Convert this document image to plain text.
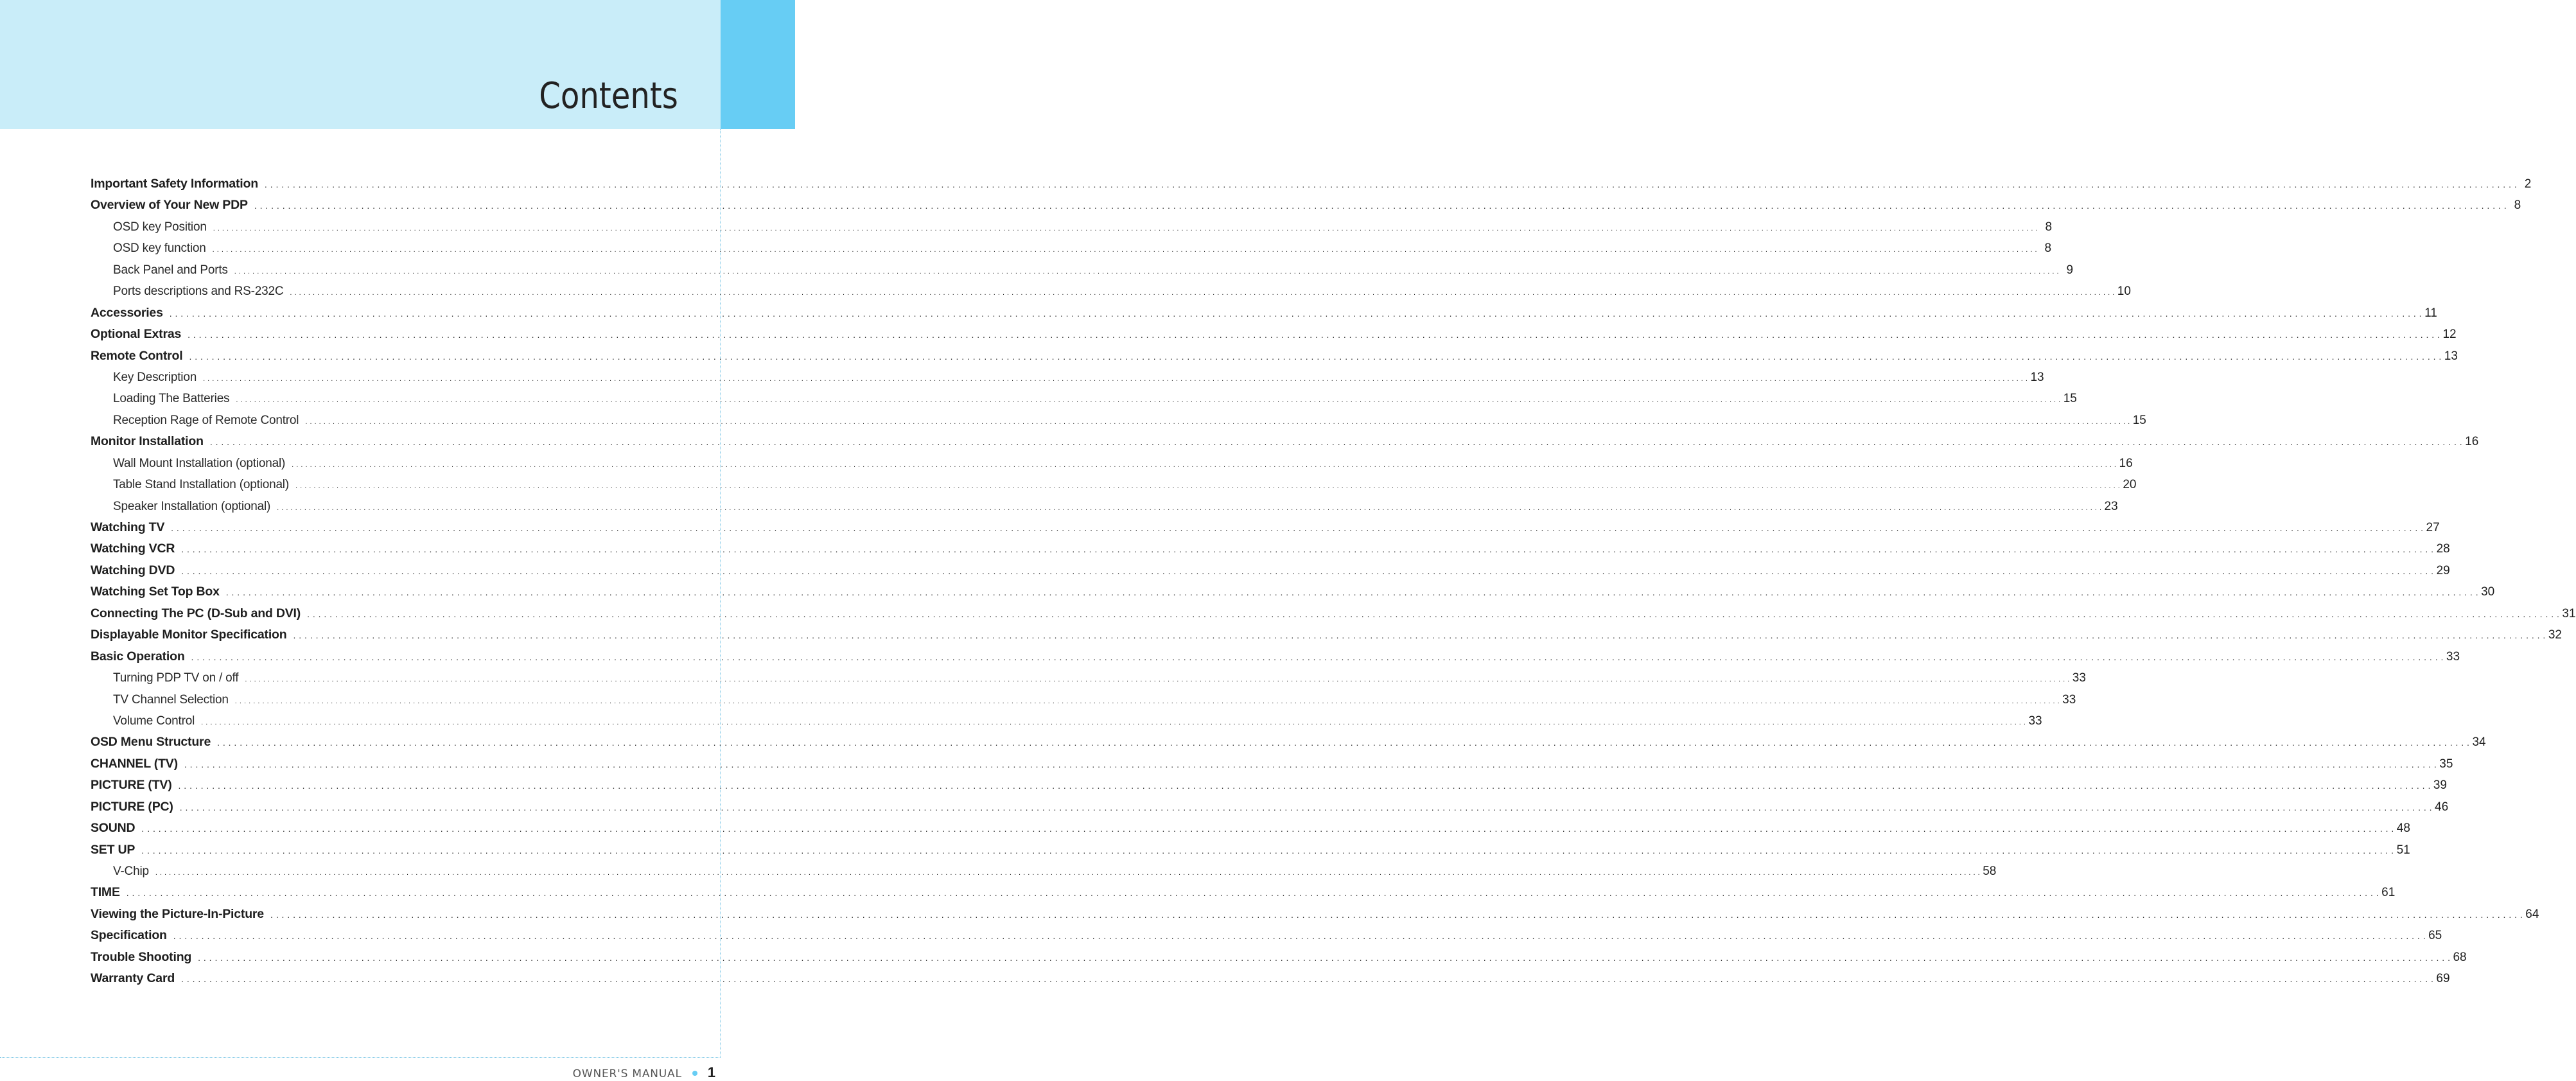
Contents
Important Safety Information . . . . . . . . . . . . . . . . . . . . . . . . . . . . . . . . . . . . . . . . . . . . . . . . . . . . . . . . . . . . . . . . . . . . . . . . . . . . . . . . . . . . . . . . . . . . . . . . . . . . . . . . . . . . . . . . . . . . . . . . . . . . . . . . . . . . . . . . . . . . . . . . . . . . . . . . . . . . . . . . . . . . . . . . . . . . . . . . . . . . . . . . . . . . . . . . . . . . . . . . . . . . . . . . . . . . . . . . . . . . . . . . . . . . . . . . . . . . . . . . . . . . . . . . . . . . . . . . . . . . . . . . . . . . . . . . . . . . . . . . . . . . . . . . . . . . . . . . . . . . . . . . . . . . . . . . . . . . . . . . . . . . . . . . . . . . . . . . . . . . . . . . . . . . . . . . . . . . . . . . . . . . . . . . . . . . . . . . . . . . . . . . . . . . . . . . . . . . . . . . 2
Overview of Your New PDP . . . . . . . . . . . . . . . . . . . . . . . . . . . . . . . . . . . . . . . . . . . . . . . . . . . . . . . . . . . . . . . . . . . . . . . . . . . . . . . . . . . . . . . . . . . . . . . . . . . . . . . . . . . . . . . . . . . . . . . . . . . . . . . . . . . . . . . . . . . . . . . . . . . . . . . . . . . . . . . . . . . . . . . . . . . . . . . . . . . . . . . . . . . . . . . . . . . . . . . . . . . . . . . . . . . . . . . . . . . . . . . . . . . . . . . . . . . . . . . . . . . . . . . . . . . . . . . . . . . . . . . . . . . . . . . . . . . . . . . . . . . . . . . . . . . . . . . . . . . . . . . . . . . . . . . . . . . . . . . . . . . . . . . . . . . . . . . . . . . . . . . . . . . . . . . . . . . . . . . . . . . . . . . . . . . . . . . . . . . . . . . . . . . . . . . . . . . . . . . . 8
OSD key Position . . . . . . . . . . . . . . . . . . . . . . . . . . . . . . . . . . . . . . . . . . . . . . . . . . . . . . . . . . . . . . . . . . . . . . . . . . . . . . . . . . . . . . . . . . . . . . . . . . . . . . . . . . . . . . . . . . . . . . . . . . . . . . . . . . . . . . . . . . . . . . . . . . . . . . . . . . . . . . . . . . . . . . . . . . . . . . . . . . . . . . . . . . . . . . . . . . . . . . . . . . . . . . . . . . . . . . . . . . . . . . . . . . . . . . . . . . . . . . . . . . . . . . . . . . . . . . . . . . . . . . . . . . . . . . . . . . . . . . . . . . . . . . . . . . . . . . . . . . . . . . . . . . . . . . . . . . . . . . . . . . . . . . . . . . . . . . . . . . . . . . . . . . . . . . . . . . . . . . . . . . . . . . . . . . . . . . . . . . . . . . . . . . . . . . . . . . . . . . . . 8
OSD key function . . . . . . . . . . . . . . . . . . . . . . . . . . . . . . . . . . . . . . . . . . . . . . . . . . . . . . . . . . . . . . . . . . . . . . . . . . . . . . . . . . . . . . . . . . . . . . . . . . . . . . . . . . . . . . . . . . . . . . . . . . . . . . . . . . . . . . . . . . . . . . . . . . . . . . . . . . . . . . . . . . . . . . . . . . . . . . . . . . . . . . . . . . . . . . . . . . . . . . . . . . . . . . . . . . . . . . . . . . . . . . . . . . . . . . . . . . . . . . . . . . . . . . . . . . . . . . . . . . . . . . . . . . . . . . . . . . . . . . . . . . . . . . . . . . . . . . . . . . . . . . . . . . . . . . . . . . . . . . . . . . . . . . . . . . . . . . . . . . . . . . . . . . . . . . . . . . . . . . . . . . . . . . . . . . . . . . . . . . . . . . . . . . . . . . . . . . . . . . . . 8
Back Panel and Ports . . . . . . . . . . . . . . . . . . . . . . . . . . . . . . . . . . . . . . . . . . . . . . . . . . . . . . . . . . . . . . . . . . . . . . . . . . . . . . . . . . . . . . . . . . . . . . . . . . . . . . . . . . . . . . . . . . . . . . . . . . . . . . . . . . . . . . . . . . . . . . . . . . . . . . . . . . . . . . . . . . . . . . . . . . . . . . . . . . . . . . . . . . . . . . . . . . . . . . . . . . . . . . . . . . . . . . . . . . . . . . . . . . . . . . . . . . . . . . . . . . . . . . . . . . . . . . . . . . . . . . . . . . . . . . . . . . . . . . . . . . . . . . . . . . . . . . . . . . . . . . . . . . . . . . . . . . . . . . . . . . . . . . . . . . . . . . . . . . . . . . . . . . . . . . . . . . . . . . . . . . . . . . . . . . . . . . . . . . . . . . . . . . . . . . . . . . . . . . . . 9
Ports descriptions and RS-232C . . . . . . . . . . . . . . . . . . . . . . . . . . . . . . . . . . . . . . . . . . . . . . . . . . . . . . . . . . . . . . . . . . . . . . . . . . . . . . . . . . . . . . . . . . . . . . . . . . . . . . . . . . . . . . . . . . . . . . . . . . . . . . . . . . . . . . . . . . . . . . . . . . . . . . . . . . . . . . . . . . . . . . . . . . . . . . . . . . . . . . . . . . . . . . . . . . . . . . . . . . . . . . . . . . . . . . . . . . . . . . . . . . . . . . . . . . . . . . . . . . . . . . . . . . . . . . . . . . . . . . . . . . . . . . . . . . . . . . . . . . . . . . . . . . . . . . . . . . . . . . . . . . . . . . . . . . . . . . . . . . . . . . . . . . . . . . . . . . . . . . . . . . . . . . . . . . . . . . . . . . . . . . . . . . . . . . . . . . . . . . . . . . . . . . . . . . . . . . . . 10
Accessories . . . . . . . . . . . . . . . . . . . . . . . . . . . . . . . . . . . . . . . . . . . . . . . . . . . . . . . . . . . . . . . . . . . . . . . . . . . . . . . . . . . . . . . . . . . . . . . . . . . . . . . . . . . . . . . . . . . . . . . . . . . . . . . . . . . . . . . . . . . . . . . . . . . . . . . . . . . . . . . . . . . . . . . . . . . . . . . . . . . . . . . . . . . . . . . . . . . . . . . . . . . . . . . . . . . . . . . . . . . . . . . . . . . . . . . . . . . . . . . . . . . . . . . . . . . . . . . . . . . . . . . . . . . . . . . . . . . . . . . . . . . . . . . . . . . . . . . . . . . . . . . . . . . . . . . . . . . . . . . . . . . . . . . . . . . . . . . . . . . . . . . . . . . . . . . . . . . . . . . . . . . . . . . . . . . . . . . . . . . . . . . . . . . . . . . . . . . . . . . . 11
Optional Extras . . . . . . . . . . . . . . . . . . . . . . . . . . . . . . . . . . . . . . . . . . . . . . . . . . . . . . . . . . . . . . . . . . . . . . . . . . . . . . . . . . . . . . . . . . . . . . . . . . . . . . . . . . . . . . . . . . . . . . . . . . . . . . . . . . . . . . . . . . . . . . . . . . . . . . . . . . . . . . . . . . . . . . . . . . . . . . . . . . . . . . . . . . . . . . . . . . . . . . . . . . . . . . . . . . . . . . . . . . . . . . . . . . . . . . . . . . . . . . . . . . . . . . . . . . . . . . . . . . . . . . . . . . . . . . . . . . . . . . . . . . . . . . . . . . . . . . . . . . . . . . . . . . . . . . . . . . . . . . . . . . . . . . . . . . . . . . . . . . . . . . . . . . . . . . . . . . . . . . . . . . . . . . . . . . . . . . . . . . . . . . . . . . . . . . . . . . . . . . . . 12
Remote Control . . . . . . . . . . . . . . . . . . . . . . . . . . . . . . . . . . . . . . . . . . . . . . . . . . . . . . . . . . . . . . . . . . . . . . . . . . . . . . . . . . . . . . . . . . . . . . . . . . . . . . . . . . . . . . . . . . . . . . . . . . . . . . . . . . . . . . . . . . . . . . . . . . . . . . . . . . . . . . . . . . . . . . . . . . . . . . . . . . . . . . . . . . . . . . . . . . . . . . . . . . . . . . . . . . . . . . . . . . . . . . . . . . . . . . . . . . . . . . . . . . . . . . . . . . . . . . . . . . . . . . . . . . . . . . . . . . . . . . . . . . . . . . . . . . . . . . . . . . . . . . . . . . . . . . . . . . . . . . . . . . . . . . . . . . . . . . . . . . . . . . . . . . . . . . . . . . . . . . . . . . . . . . . . . . . . . . . . . . . . . . . . . . . . . . . . . . . . . . . . 13
Key Description . . . . . . . . . . . . . . . . . . . . . . . . . . . . . . . . . . . . . . . . . . . . . . . . . . . . . . . . . . . . . . . . . . . . . . . . . . . . . . . . . . . . . . . . . . . . . . . . . . . . . . . . . . . . . . . . . . . . . . . . . . . . . . . . . . . . . . . . . . . . . . . . . . . . . . . . . . . . . . . . . . . . . . . . . . . . . . . . . . . . . . . . . . . . . . . . . . . . . . . . . . . . . . . . . . . . . . . . . . . . . . . . . . . . . . . . . . . . . . . . . . . . . . . . . . . . . . . . . . . . . . . . . . . . . . . . . . . . . . . . . . . . . . . . . . . . . . . . . . . . . . . . . . . . . . . . . . . . . . . . . . . . . . . . . . . . . . . . . . . . . . . . . . . . . . . . . . . . . . . . . . . . . . . . . . . . . . . . . . . . . . . . . . . . . . . . . . . . . . . . 13
Loading The Batteries . . . . . . . . . . . . . . . . . . . . . . . . . . . . . . . . . . . . . . . . . . . . . . . . . . . . . . . . . . . . . . . . . . . . . . . . . . . . . . . . . . . . . . . . . . . . . . . . . . . . . . . . . . . . . . . . . . . . . . . . . . . . . . . . . . . . . . . . . . . . . . . . . . . . . . . . . . . . . . . . . . . . . . . . . . . . . . . . . . . . . . . . . . . . . . . . . . . . . . . . . . . . . . . . . . . . . . . . . . . . . . . . . . . . . . . . . . . . . . . . . . . . . . . . . . . . . . . . . . . . . . . . . . . . . . . . . . . . . . . . . . . . . . . . . . . . . . . . . . . . . . . . . . . . . . . . . . . . . . . . . . . . . . . . . . . . . . . . . . . . . . . . . . . . . . . . . . . . . . . . . . . . . . . . . . . . . . . . . . . . . . . . . . . . . . . . . . . . . . . . 15
Reception Rage of Remote Control . . . . . . . . . . . . . . . . . . . . . . . . . . . . . . . . . . . . . . . . . . . . . . . . . . . . . . . . . . . . . . . . . . . . . . . . . . . . . . . . . . . . . . . . . . . . . . . . . . . . . . . . . . . . . . . . . . . . . . . . . . . . . . . . . . . . . . . . . . . . . . . . . . . . . . . . . . . . . . . . . . . . . . . . . . . . . . . . . . . . . . . . . . . . . . . . . . . . . . . . . . . . . . . . . . . . . . . . . . . . . . . . . . . . . . . . . . . . . . . . . . . . . . . . . . . . . . . . . . . . . . . . . . . . . . . . . . . . . . . . . . . . . . . . . . . . . . . . . . . . . . . . . . . . . . . . . . . . . . . . . . . . . . . . . . . . . . . . . . . . . . . . . . . . . . . . . . . . . . . . . . . . . . . . . . . . . . . . . . . . . . . . . . . . . . . . . . . . . . . . 15
Monitor Installation . . . . . . . . . . . . . . . . . . . . . . . . . . . . . . . . . . . . . . . . . . . . . . . . . . . . . . . . . . . . . . . . . . . . . . . . . . . . . . . . . . . . . . . . . . . . . . . . . . . . . . . . . . . . . . . . . . . . . . . . . . . . . . . . . . . . . . . . . . . . . . . . . . . . . . . . . . . . . . . . . . . . . . . . . . . . . . . . . . . . . . . . . . . . . . . . . . . . . . . . . . . . . . . . . . . . . . . . . . . . . . . . . . . . . . . . . . . . . . . . . . . . . . . . . . . . . . . . . . . . . . . . . . . . . . . . . . . . . . . . . . . . . . . . . . . . . . . . . . . . . . . . . . . . . . . . . . . . . . . . . . . . . . . . . . . . . . . . . . . . . . . . . . . . . . . . . . . . . . . . . . . . . . . . . . . . . . . . . . . . . . . . . . . . . . . . . . . . . . . . 16
Wall Mount Installation (optional) . . . . . . . . . . . . . . . . . . . . . . . . . . . . . . . . . . . . . . . . . . . . . . . . . . . . . . . . . . . . . . . . . . . . . . . . . . . . . . . . . . . . . . . . . . . . . . . . . . . . . . . . . . . . . . . . . . . . . . . . . . . . . . . . . . . . . . . . . . . . . . . . . . . . . . . . . . . . . . . . . . . . . . . . . . . . . . . . . . . . . . . . . . . . . . . . . . . . . . . . . . . . . . . . . . . . . . . . . . . . . . . . . . . . . . . . . . . . . . . . . . . . . . . . . . . . . . . . . . . . . . . . . . . . . . . . . . . . . . . . . . . . . . . . . . . . . . . . . . . . . . . . . . . . . . . . . . . . . . . . . . . . . . . . . . . . . . . . . . . . . . . . . . . . . . . . . . . . . . . . . . . . . . . . . . . . . . . . . . . . . . . . . . . . . . . . . . . . . . . . 16
Table Stand Installation (optional) . . . . . . . . . . . . . . . . . . . . . . . . . . . . . . . . . . . . . . . . . . . . . . . . . . . . . . . . . . . . . . . . . . . . . . . . . . . . . . . . . . . . . . . . . . . . . . . . . . . . . . . . . . . . . . . . . . . . . . . . . . . . . . . . . . . . . . . . . . . . . . . . . . . . . . . . . . . . . . . . . . . . . . . . . . . . . . . . . . . . . . . . . . . . . . . . . . . . . . . . . . . . . . . . . . . . . . . . . . . . . . . . . . . . . . . . . . . . . . . . . . . . . . . . . . . . . . . . . . . . . . . . . . . . . . . . . . . . . . . . . . . . . . . . . . . . . . . . . . . . . . . . . . . . . . . . . . . . . . . . . . . . . . . . . . . . . . . . . . . . . . . . . . . . . . . . . . . . . . . . . . . . . . . . . . . . . . . . . . . . . . . . . . . . . . . . . . . . . . . . 20
Speaker Installation (optional) . . . . . . . . . . . . . . . . . . . . . . . . . . . . . . . . . . . . . . . . . . . . . . . . . . . . . . . . . . . . . . . . . . . . . . . . . . . . . . . . . . . . . . . . . . . . . . . . . . . . . . . . . . . . . . . . . . . . . . . . . . . . . . . . . . . . . . . . . . . . . . . . . . . . . . . . . . . . . . . . . . . . . . . . . . . . . . . . . . . . . . . . . . . . . . . . . . . . . . . . . . . . . . . . . . . . . . . . . . . . . . . . . . . . . . . . . . . . . . . . . . . . . . . . . . . . . . . . . . . . . . . . . . . . . . . . . . . . . . . . . . . . . . . . . . . . . . . . . . . . . . . . . . . . . . . . . . . . . . . . . . . . . . . . . . . . . . . . . . . . . . . . . . . . . . . . . . . . . . . . . . . . . . . . . . . . . . . . . . . . . . . . . . . . . . . . . . . . . . . . 23
Watching TV . . . . . . . . . . . . . . . . . . . . . . . . . . . . . . . . . . . . . . . . . . . . . . . . . . . . . . . . . . . . . . . . . . . . . . . . . . . . . . . . . . . . . . . . . . . . . . . . . . . . . . . . . . . . . . . . . . . . . . . . . . . . . . . . . . . . . . . . . . . . . . . . . . . . . . . . . . . . . . . . . . . . . . . . . . . . . . . . . . . . . . . . . . . . . . . . . . . . . . . . . . . . . . . . . . . . . . . . . . . . . . . . . . . . . . . . . . . . . . . . . . . . . . . . . . . . . . . . . . . . . . . . . . . . . . . . . . . . . . . . . . . . . . . . . . . . . . . . . . . . . . . . . . . . . . . . . . . . . . . . . . . . . . . . . . . . . . . . . . . . . . . . . . . . . . . . . . . . . . . . . . . . . . . . . . . . . . . . . . . . . . . . . . . . . . . . . . . . . . . . 27
Watching VCR . . . . . . . . . . . . . . . . . . . . . . . . . . . . . . . . . . . . . . . . . . . . . . . . . . . . . . . . . . . . . . . . . . . . . . . . . . . . . . . . . . . . . . . . . . . . . . . . . . . . . . . . . . . . . . . . . . . . . . . . . . . . . . . . . . . . . . . . . . . . . . . . . . . . . . . . . . . . . . . . . . . . . . . . . . . . . . . . . . . . . . . . . . . . . . . . . . . . . . . . . . . . . . . . . . . . . . . . . . . . . . . . . . . . . . . . . . . . . . . . . . . . . . . . . . . . . . . . . . . . . . . . . . . . . . . . . . . . . . . . . . . . . . . . . . . . . . . . . . . . . . . . . . . . . . . . . . . . . . . . . . . . . . . . . . . . . . . . . . . . . . . . . . . . . . . . . . . . . . . . . . . . . . . . . . . . . . . . . . . . . . . . . . . . . . . . . . . . . . . . 28
Watching DVD . . . . . . . . . . . . . . . . . . . . . . . . . . . . . . . . . . . . . . . . . . . . . . . . . . . . . . . . . . . . . . . . . . . . . . . . . . . . . . . . . . . . . . . . . . . . . . . . . . . . . . . . . . . . . . . . . . . . . . . . . . . . . . . . . . . . . . . . . . . . . . . . . . . . . . . . . . . . . . . . . . . . . . . . . . . . . . . . . . . . . . . . . . . . . . . . . . . . . . . . . . . . . . . . . . . . . . . . . . . . . . . . . . . . . . . . . . . . . . . . . . . . . . . . . . . . . . . . . . . . . . . . . . . . . . . . . . . . . . . . . . . . . . . . . . . . . . . . . . . . . . . . . . . . . . . . . . . . . . . . . . . . . . . . . . . . . . . . . . . . . . . . . . . . . . . . . . . . . . . . . . . . . . . . . . . . . . . . . . . . . . . . . . . . . . . . . . . . . . . . 29
Watching Set Top Box . . . . . . . . . . . . . . . . . . . . . . . . . . . . . . . . . . . . . . . . . . . . . . . . . . . . . . . . . . . . . . . . . . . . . . . . . . . . . . . . . . . . . . . . . . . . . . . . . . . . . . . . . . . . . . . . . . . . . . . . . . . . . . . . . . . . . . . . . . . . . . . . . . . . . . . . . . . . . . . . . . . . . . . . . . . . . . . . . . . . . . . . . . . . . . . . . . . . . . . . . . . . . . . . . . . . . . . . . . . . . . . . . . . . . . . . . . . . . . . . . . . . . . . . . . . . . . . . . . . . . . . . . . . . . . . . . . . . . . . . . . . . . . . . . . . . . . . . . . . . . . . . . . . . . . . . . . . . . . . . . . . . . . . . . . . . . . . . . . . . . . . . . . . . . . . . . . . . . . . . . . . . . . . . . . . . . . . . . . . . . . . . . . . . . . . . . . . . . . . . 30
Connecting The PC (D-Sub and DVI) . . . . . . . . . . . . . . . . . . . . . . . . . . . . . . . . . . . . . . . . . . . . . . . . . . . . . . . . . . . . . . . . . . . . . . . . . . . . . . . . . . . . . . . . . . . . . . . . . . . . . . . . . . . . . . . . . . . . . . . . . . . . . . . . . . . . . . . . . . . . . . . . . . . . . . . . . . . . . . . . . . . . . . . . . . . . . . . . . . . . . . . . . . . . . . . . . . . . . . . . . . . . . . . . . . . . . . . . . . . . . . . . . . . . . . . . . . . . . . . . . . . . . . . . . . . . . . . . . . . . . . . . . . . . . . . . . . . . . . . . . . . . . . . . . . . . . . . . . . . . . . . . . . . . . . . . . . . . . . . . . . . . . . . . . . . . . . . . . . . . . . . . . . . . . . . . . . . . . . . . . . . . . . . . . . . . . . . . . . . . . . . . . . . . . . . . . . . . . . . . 31
Displayable Monitor Specification . . . . . . . . . . . . . . . . . . . . . . . . . . . . . . . . . . . . . . . . . . . . . . . . . . . . . . . . . . . . . . . . . . . . . . . . . . . . . . . . . . . . . . . . . . . . . . . . . . . . . . . . . . . . . . . . . . . . . . . . . . . . . . . . . . . . . . . . . . . . . . . . . . . . . . . . . . . . . . . . . . . . . . . . . . . . . . . . . . . . . . . . . . . . . . . . . . . . . . . . . . . . . . . . . . . . . . . . . . . . . . . . . . . . . . . . . . . . . . . . . . . . . . . . . . . . . . . . . . . . . . . . . . . . . . . . . . . . . . . . . . . . . . . . . . . . . . . . . . . . . . . . . . . . . . . . . . . . . . . . . . . . . . . . . . . . . . . . . . . . . . . . . . . . . . . . . . . . . . . . . . . . . . . . . . . . . . . . . . . . . . . . . . . . . . . . . . . . . . . . 32
Basic Operation . . . . . . . . . . . . . . . . . . . . . . . . . . . . . . . . . . . . . . . . . . . . . . . . . . . . . . . . . . . . . . . . . . . . . . . . . . . . . . . . . . . . . . . . . . . . . . . . . . . . . . . . . . . . . . . . . . . . . . . . . . . . . . . . . . . . . . . . . . . . . . . . . . . . . . . . . . . . . . . . . . . . . . . . . . . . . . . . . . . . . . . . . . . . . . . . . . . . . . . . . . . . . . . . . . . . . . . . . . . . . . . . . . . . . . . . . . . . . . . . . . . . . . . . . . . . . . . . . . . . . . . . . . . . . . . . . . . . . . . . . . . . . . . . . . . . . . . . . . . . . . . . . . . . . . . . . . . . . . . . . . . . . . . . . . . . . . . . . . . . . . . . . . . . . . . . . . . . . . . . . . . . . . . . . . . . . . . . . . . . . . . . . . . . . . . . . . . . . . . . 33
Turning PDP TV on / off . . . . . . . . . . . . . . . . . . . . . . . . . . . . . . . . . . . . . . . . . . . . . . . . . . . . . . . . . . . . . . . . . . . . . . . . . . . . . . . . . . . . . . . . . . . . . . . . . . . . . . . . . . . . . . . . . . . . . . . . . . . . . . . . . . . . . . . . . . . . . . . . . . . . . . . . . . . . . . . . . . . . . . . . . . . . . . . . . . . . . . . . . . . . . . . . . . . . . . . . . . . . . . . . . . . . . . . . . . . . . . . . . . . . . . . . . . . . . . . . . . . . . . . . . . . . . . . . . . . . . . . . . . . . . . . . . . . . . . . . . . . . . . . . . . . . . . . . . . . . . . . . . . . . . . . . . . . . . . . . . . . . . . . . . . . . . . . . . . . . . . . . . . . . . . . . . . . . . . . . . . . . . . . . . . . . . . . . . . . . . . . . . . . . . . . . . . . . . . . . 33
TV Channel Selection . . . . . . . . . . . . . . . . . . . . . . . . . . . . . . . . . . . . . . . . . . . . . . . . . . . . . . . . . . . . . . . . . . . . . . . . . . . . . . . . . . . . . . . . . . . . . . . . . . . . . . . . . . . . . . . . . . . . . . . . . . . . . . . . . . . . . . . . . . . . . . . . . . . . . . . . . . . . . . . . . . . . . . . . . . . . . . . . . . . . . . . . . . . . . . . . . . . . . . . . . . . . . . . . . . . . . . . . . . . . . . . . . . . . . . . . . . . . . . . . . . . . . . . . . . . . . . . . . . . . . . . . . . . . . . . . . . . . . . . . . . . . . . . . . . . . . . . . . . . . . . . . . . . . . . . . . . . . . . . . . . . . . . . . . . . . . . . . . . . . . . . . . . . . . . . . . . . . . . . . . . . . . . . . . . . . . . . . . . . . . . . . . . . . . . . . . . . . . . . . 33
Volume Control . . . . . . . . . . . . . . . . . . . . . . . . . . . . . . . . . . . . . . . . . . . . . . . . . . . . . . . . . . . . . . . . . . . . . . . . . . . . . . . . . . . . . . . . . . . . . . . . . . . . . . . . . . . . . . . . . . . . . . . . . . . . . . . . . . . . . . . . . . . . . . . . . . . . . . . . . . . . . . . . . . . . . . . . . . . . . . . . . . . . . . . . . . . . . . . . . . . . . . . . . . . . . . . . . . . . . . . . . . . . . . . . . . . . . . . . . . . . . . . . . . . . . . . . . . . . . . . . . . . . . . . . . . . . . . . . . . . . . . . . . . . . . . . . . . . . . . . . . . . . . . . . . . . . . . . . . . . . . . . . . . . . . . . . . . . . . . . . . . . . . . . . . . . . . . . . . . . . . . . . . . . . . . . . . . . . . . . . . . . . . . . . . . . . . . . . . . . . . . . . 33
OSD Menu Structure . . . . . . . . . . . . . . . . . . . . . . . . . . . . . . . . . . . . . . . . . . . . . . . . . . . . . . . . . . . . . . . . . . . . . . . . . . . . . . . . . . . . . . . . . . . . . . . . . . . . . . . . . . . . . . . . . . . . . . . . . . . . . . . . . . . . . . . . . . . . . . . . . . . . . . . . . . . . . . . . . . . . . . . . . . . . . . . . . . . . . . . . . . . . . . . . . . . . . . . . . . . . . . . . . . . . . . . . . . . . . . . . . . . . . . . . . . . . . . . . . . . . . . . . . . . . . . . . . . . . . . . . . . . . . . . . . . . . . . . . . . . . . . . . . . . . . . . . . . . . . . . . . . . . . . . . . . . . . . . . . . . . . . . . . . . . . . . . . . . . . . . . . . . . . . . . . . . . . . . . . . . . . . . . . . . . . . . . . . . . . . . . . . . . . . . . . . . . . . . . 34
CHANNEL (TV) . . . . . . . . . . . . . . . . . . . . . . . . . . . . . . . . . . . . . . . . . . . . . . . . . . . . . . . . . . . . . . . . . . . . . . . . . . . . . . . . . . . . . . . . . . . . . . . . . . . . . . . . . . . . . . . . . . . . . . . . . . . . . . . . . . . . . . . . . . . . . . . . . . . . . . . . . . . . . . . . . . . . . . . . . . . . . . . . . . . . . . . . . . . . . . . . . . . . . . . . . . . . . . . . . . . . . . . . . . . . . . . . . . . . . . . . . . . . . . . . . . . . . . . . . . . . . . . . . . . . . . . . . . . . . . . . . . . . . . . . . . . . . . . . . . . . . . . . . . . . . . . . . . . . . . . . . . . . . . . . . . . . . . . . . . . . . . . . . . . . . . . . . . . . . . . . . . . . . . . . . . . . . . . . . . . . . . . . . . . . . . . . . . . . . . . . . . . . . . . . 35
PICTURE (TV) . . . . . . . . . . . . . . . . . . . . . . . . . . . . . . . . . . . . . . . . . . . . . . . . . . . . . . . . . . . . . . . . . . . . . . . . . . . . . . . . . . . . . . . . . . . . . . . . . . . . . . . . . . . . . . . . . . . . . . . . . . . . . . . . . . . . . . . . . . . . . . . . . . . . . . . . . . . . . . . . . . . . . . . . . . . . . . . . . . . . . . . . . . . . . . . . . . . . . . . . . . . . . . . . . . . . . . . . . . . . . . . . . . . . . . . . . . . . . . . . . . . . . . . . . . . . . . . . . . . . . . . . . . . . . . . . . . . . . . . . . . . . . . . . . . . . . . . . . . . . . . . . . . . . . . . . . . . . . . . . . . . . . . . . . . . . . . . . . . . . . . . . . . . . . . . . . . . . . . . . . . . . . . . . . . . . . . . . . . . . . . . . . . . . . . . . . . . . . . . . 39
PICTURE (PC) . . . . . . . . . . . . . . . . . . . . . . . . . . . . . . . . . . . . . . . . . . . . . . . . . . . . . . . . . . . . . . . . . . . . . . . . . . . . . . . . . . . . . . . . . . . . . . . . . . . . . . . . . . . . . . . . . . . . . . . . . . . . . . . . . . . . . . . . . . . . . . . . . . . . . . . . . . . . . . . . . . . . . . . . . . . . . . . . . . . . . . . . . . . . . . . . . . . . . . . . . . . . . . . . . . . . . . . . . . . . . . . . . . . . . . . . . . . . . . . . . . . . . . . . . . . . . . . . . . . . . . . . . . . . . . . . . . . . . . . . . . . . . . . . . . . . . . . . . . . . . . . . . . . . . . . . . . . . . . . . . . . . . . . . . . . . . . . . . . . . . . . . . . . . . . . . . . . . . . . . . . . . . . . . . . . . . . . . . . . . . . . . . . . . . . . . . . . . . . . . 46
SOUND . . . . . . . . . . . . . . . . . . . . . . . . . . . . . . . . . . . . . . . . . . . . . . . . . . . . . . . . . . . . . . . . . . . . . . . . . . . . . . . . . . . . . . . . . . . . . . . . . . . . . . . . . . . . . . . . . . . . . . . . . . . . . . . . . . . . . . . . . . . . . . . . . . . . . . . . . . . . . . . . . . . . . . . . . . . . . . . . . . . . . . . . . . . . . . . . . . . . . . . . . . . . . . . . . . . . . . . . . . . . . . . . . . . . . . . . . . . . . . . . . . . . . . . . . . . . . . . . . . . . . . . . . . . . . . . . . . . . . . . . . . . . . . . . . . . . . . . . . . . . . . . . . . . . . . . . . . . . . . . . . . . . . . . . . . . . . . . . . . . . . . . . . . . . . . . . . . . . . . . . . . . . . . . . . . . . . . . . . . . . . . . . . . . . . . . . . . . . . . . . 48
SET UP . . . . . . . . . . . . . . . . . . . . . . . . . . . . . . . . . . . . . . . . . . . . . . . . . . . . . . . . . . . . . . . . . . . . . . . . . . . . . . . . . . . . . . . . . . . . . . . . . . . . . . . . . . . . . . . . . . . . . . . . . . . . . . . . . . . . . . . . . . . . . . . . . . . . . . . . . . . . . . . . . . . . . . . . . . . . . . . . . . . . . . . . . . . . . . . . . . . . . . . . . . . . . . . . . . . . . . . . . . . . . . . . . . . . . . . . . . . . . . . . . . . . . . . . . . . . . . . . . . . . . . . . . . . . . . . . . . . . . . . . . . . . . . . . . . . . . . . . . . . . . . . . . . . . . . . . . . . . . . . . . . . . . . . . . . . . . . . . . . . . . . . . . . . . . . . . . . . . . . . . . . . . . . . . . . . . . . . . . . . . . . . . . . . . . . . . . . . . . . . . 51
V-Chip . . . . . . . . . . . . . . . . . . . . . . . . . . . . . . . . . . . . . . . . . . . . . . . . . . . . . . . . . . . . . . . . . . . . . . . . . . . . . . . . . . . . . . . . . . . . . . . . . . . . . . . . . . . . . . . . . . . . . . . . . . . . . . . . . . . . . . . . . . . . . . . . . . . . . . . . . . . . . . . . . . . . . . . . . . . . . . . . . . . . . . . . . . . . . . . . . . . . . . . . . . . . . . . . . . . . . . . . . . . . . . . . . . . . . . . . . . . . . . . . . . . . . . . . . . . . . . . . . . . . . . . . . . . . . . . . . . . . . . . . . . . . . . . . . . . . . . . . . . . . . . . . . . . . . . . . . . . . . . . . . . . . . . . . . . . . . . . . . . . . . . . . . . . . . . . . . . . . . . . . . . . . . . . . . . . . . . . . . . . . . . . . . . . . . . . . . . . . . . . . 58
TIME . . . . . . . . . . . . . . . . . . . . . . . . . . . . . . . . . . . . . . . . . . . . . . . . . . . . . . . . . . . . . . . . . . . . . . . . . . . . . . . . . . . . . . . . . . . . . . . . . . . . . . . . . . . . . . . . . . . . . . . . . . . . . . . . . . . . . . . . . . . . . . . . . . . . . . . . . . . . . . . . . . . . . . . . . . . . . . . . . . . . . . . . . . . . . . . . . . . . . . . . . . . . . . . . . . . . . . . . . . . . . . . . . . . . . . . . . . . . . . . . . . . . . . . . . . . . . . . . . . . . . . . . . . . . . . . . . . . . . . . . . . . . . . . . . . . . . . . . . . . . . . . . . . . . . . . . . . . . . . . . . . . . . . . . . . . . . . . . . . . . . . . . . . . . . . . . . . . . . . . . . . . . . . . . . . . . . . . . . . . . . . . . . . . . . . . . . . . . . . . . 61
Viewing the Picture-In-Picture . . . . . . . . . . . . . . . . . . . . . . . . . . . . . . . . . . . . . . . . . . . . . . . . . . . . . . . . . . . . . . . . . . . . . . . . . . . . . . . . . . . . . . . . . . . . . . . . . . . . . . . . . . . . . . . . . . . . . . . . . . . . . . . . . . . . . . . . . . . . . . . . . . . . . . . . . . . . . . . . . . . . . . . . . . . . . . . . . . . . . . . . . . . . . . . . . . . . . . . . . . . . . . . . . . . . . . . . . . . . . . . . . . . . . . . . . . . . . . . . . . . . . . . . . . . . . . . . . . . . . . . . . . . . . . . . . . . . . . . . . . . . . . . . . . . . . . . . . . . . . . . . . . . . . . . . . . . . . . . . . . . . . . . . . . . . . . . . . . . . . . . . . . . . . . . . . . . . . . . . . . . . . . . . . . . . . . . . . . . . . . . . . . . . . . . . . . . . . . . . 64
Specification . . . . . . . . . . . . . . . . . . . . . . . . . . . . . . . . . . . . . . . . . . . . . . . . . . . . . . . . . . . . . . . . . . . . . . . . . . . . . . . . . . . . . . . . . . . . . . . . . . . . . . . . . . . . . . . . . . . . . . . . . . . . . . . . . . . . . . . . . . . . . . . . . . . . . . . . . . . . . . . . . . . . . . . . . . . . . . . . . . . . . . . . . . . . . . . . . . . . . . . . . . . . . . . . . . . . . . . . . . . . . . . . . . . . . . . . . . . . . . . . . . . . . . . . . . . . . . . . . . . . . . . . . . . . . . . . . . . . . . . . . . . . . . . . . . . . . . . . . . . . . . . . . . . . . . . . . . . . . . . . . . . . . . . . . . . . . . . . . . . . . . . . . . . . . . . . . . . . . . . . . . . . . . . . . . . . . . . . . . . . . . . . . . . . . . . . . . . . . . . . 65
Trouble Shooting . . . . . . . . . . . . . . . . . . . . . . . . . . . . . . . . . . . . . . . . . . . . . . . . . . . . . . . . . . . . . . . . . . . . . . . . . . . . . . . . . . . . . . . . . . . . . . . . . . . . . . . . . . . . . . . . . . . . . . . . . . . . . . . . . . . . . . . . . . . . . . . . . . . . . . . . . . . . . . . . . . . . . . . . . . . . . . . . . . . . . . . . . . . . . . . . . . . . . . . . . . . . . . . . . . . . . . . . . . . . . . . . . . . . . . . . . . . . . . . . . . . . . . . . . . . . . . . . . . . . . . . . . . . . . . . . . . . . . . . . . . . . . . . . . . . . . . . . . . . . . . . . . . . . . . . . . . . . . . . . . . . . . . . . . . . . . . . . . . . . . . . . . . . . . . . . . . . . . . . . . . . . . . . . . . . . . . . . . . . . . . . . . . . . . . . . . . . . . . . . 68
Warranty Card . . . . . . . . . . . . . . . . . . . . . . . . . . . . . . . . . . . . . . . . . . . . . . . . . . . . . . . . . . . . . . . . . . . . . . . . . . . . . . . . . . . . . . . . . . . . . . . . . . . . . . . . . . . . . . . . . . . . . . . . . . . . . . . . . . . . . . . . . . . . . . . . . . . . . . . . . . . . . . . . . . . . . . . . . . . . . . . . . . . . . . . . . . . . . . . . . . . . . . . . . . . . . . . . . . . . . . . . . . . . . . . . . . . . . . . . . . . . . . . . . . . . . . . . . . . . . . . . . . . . . . . . . . . . . . . . . . . . . . . . . . . . . . . . . . . . . . . . . . . . . . . . . . . . . . . . . . . . . . . . . . . . . . . . . . . . . . . . . . . . . . . . . . . . . . . . . . . . . . . . . . . . . . . . . . . . . . . . . . . . . . . . . . . . . . . . . . . . . . . . 69
OWNER'S MANUAL 1
